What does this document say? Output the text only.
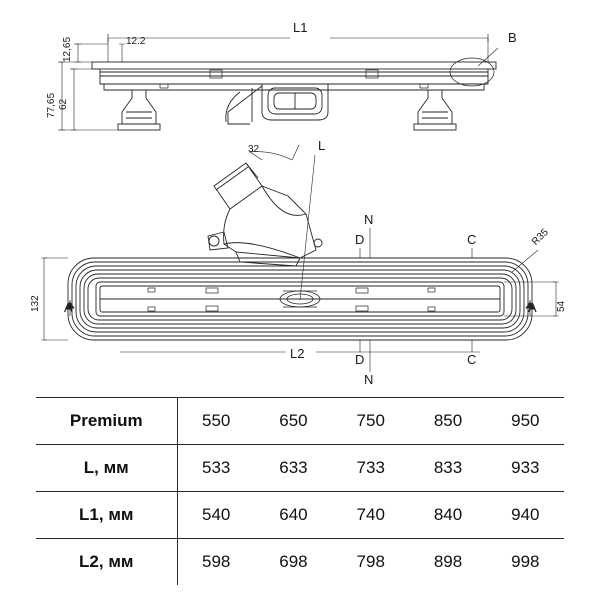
L1
B
12.2
12,65
77,65 62
32	L
132	54
R35
L2
A	A
N
N
D
D
C
C
Premium	550	650	750	850	950
L, мм	533	633	733	833	933
L1, мм	540	640	740	840	940
L2, мм	598	698	798	898	998
